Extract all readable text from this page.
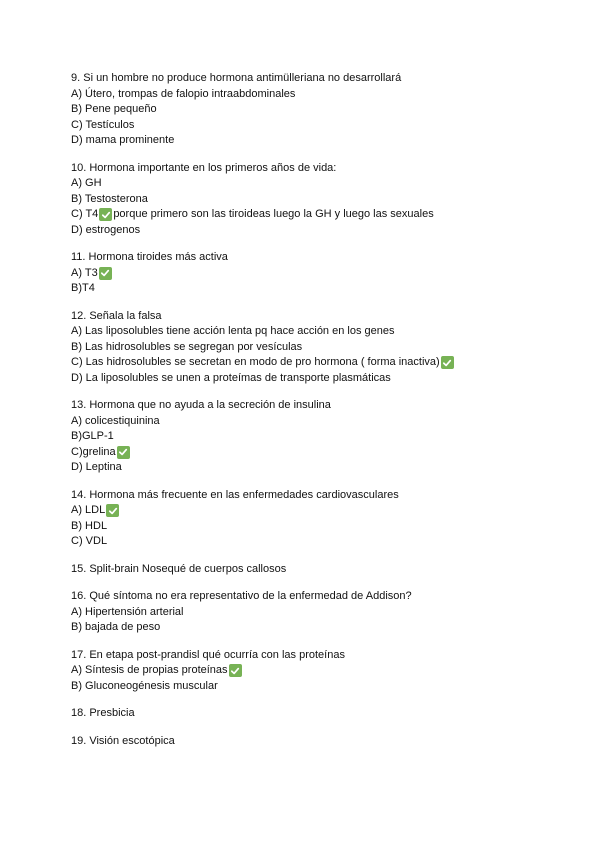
9. Si un hombre no produce hormona antimülleriana no desarrollará
A) Útero, trompas de falopio intraabdominales
B) Pene pequeño
C) Testículos
D) mama prominente
10. Hormona importante en los primeros años de vida:
A) GH
B) Testosterona
C) T4 porque primero son las tiroideas luego la GH y luego las sexuales
D) estrogenos
11. Hormona tiroides más activa
A) T3
B)T4
12. Señala la falsa
A) Las liposolubles tiene acción lenta pq hace acción en los genes
B) Las hidrosolubles se segregan por vesículas
C) Las hidrosolubles se secretan en modo de pro hormona ( forma inactiva)
D) La liposolubles se unen a proteímas de transporte plasmáticas
13. Hormona que no ayuda a la secreción de insulina
A) colicestiquinina
B)GLP-1
C)grelina
D) Leptina
14. Hormona más frecuente en las enfermedades cardiovasculares
A) LDL
B) HDL
C) VDL
15. Split-brain Nosequé de cuerpos callosos
16. Qué síntoma no era representativo de la enfermedad de Addison?
A) Hipertensión arterial
B) bajada de peso
17. En etapa post-prandisl qué ocurría con las proteínas
A) Síntesis de propias proteínas
B) Gluconeogénesis muscular
18. Presbicia
19. Visión escotópica
